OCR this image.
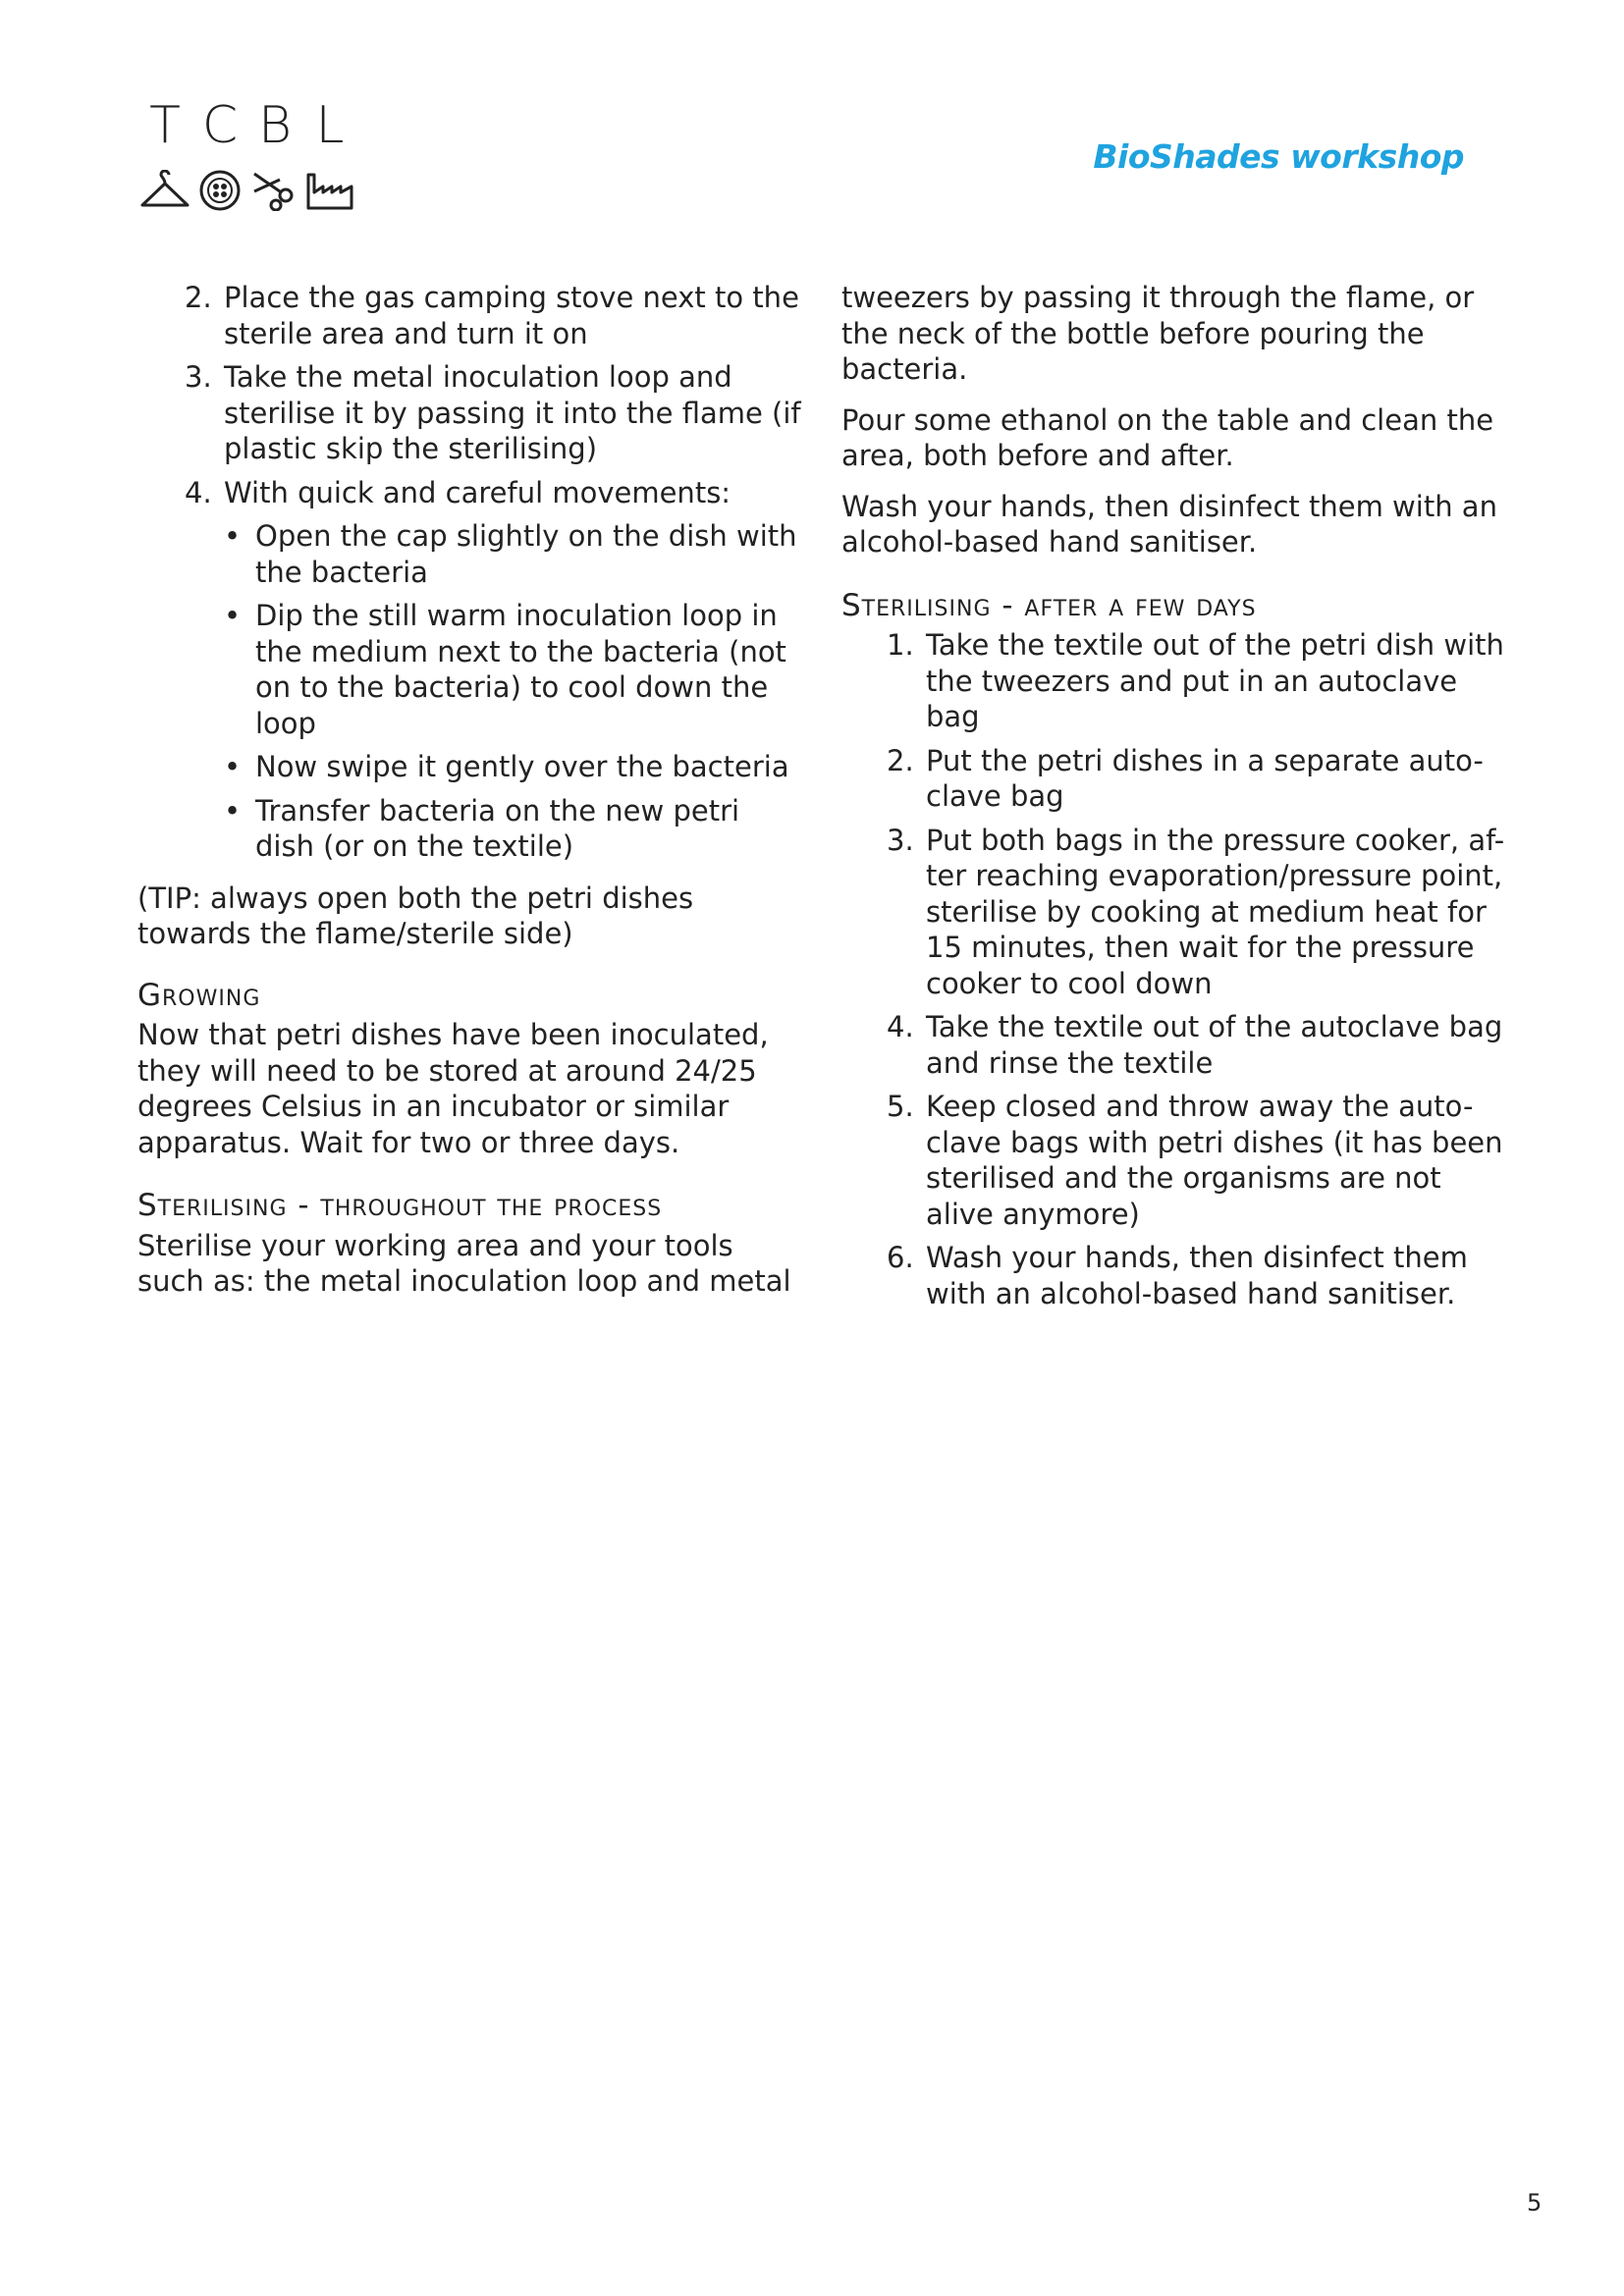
T C B L
BioShades workshop
2. Place the gas camping stove next to the sterile area and turn it on
3. Take the metal inoculation loop and sterilise it by passing it into the flame (if plastic skip the sterilising)
4. With quick and careful movements:
• Open the cap slightly on the dish with the bacteria
• Dip the still warm inoculation loop in the medium next to the bacteria (not on to the bacteria) to cool down the loop
• Now swipe it gently over the bacteria
• Transfer bacteria on the new petri dish (or on the textile)

(TIP: always open both the petri dishes towards the flame/sterile side)

Growing

Now that petri dishes have been inoculated, they will need to be stored at around 24/25 degrees Celsius in an incubator or similar apparatus. Wait for two or three days.

Sterilising - throughout the process

Sterilise your working area and your tools such as: the metal inoculation loop and metal

tweezers by passing it through the flame, or the neck of the bottle before pouring the bacteria.

Pour some ethanol on the table and clean the area, both before and after.

Wash your hands, then disinfect them with an alcohol-based hand sanitiser.

Sterilising - after a few days
1. Take the textile out of the petri dish with the tweezers and put in an autoclave bag
2. Put the petri dishes in a separate auto-clave bag
3. Put both bags in the pressure cooker, af-ter reaching evaporation/pressure point, sterilise by cooking at medium heat for 15 minutes, then wait for the pressure cooker to cool down
4. Take the textile out of the autoclave bag and rinse the textile
5. Keep closed and throw away the auto-clave bags with petri dishes (it has been sterilised and the organisms are not alive anymore)
6. Wash your hands, then disinfect them with an alcohol-based hand sanitiser.
5
